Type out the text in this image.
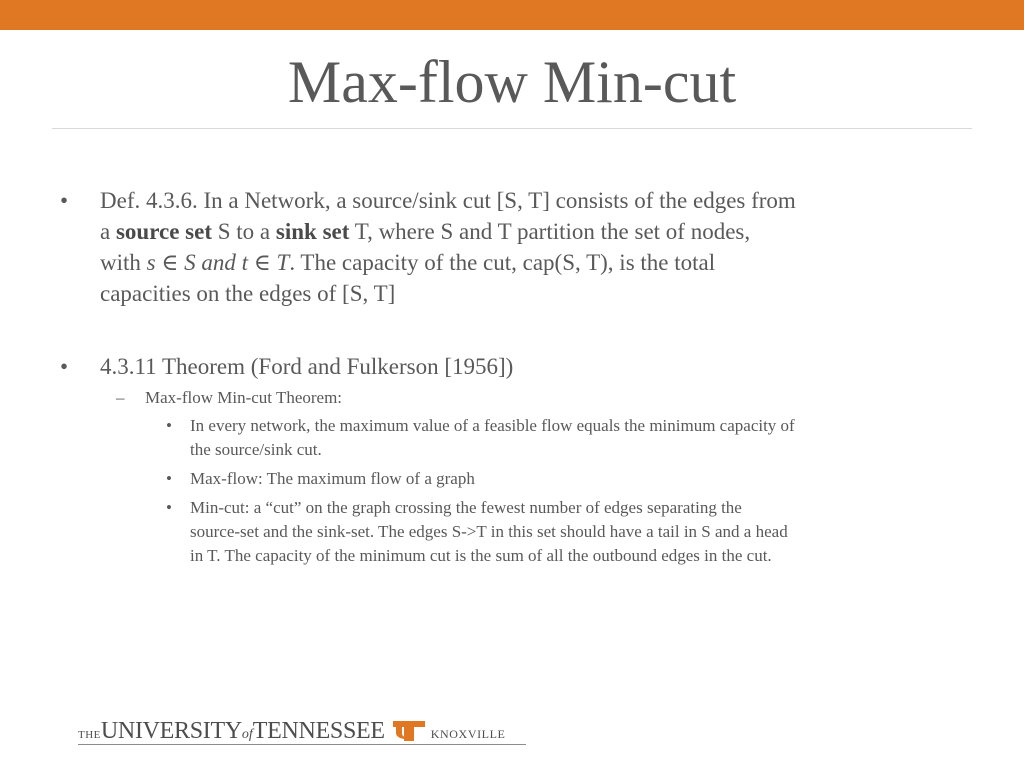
Max-flow Min-cut
• Def. 4.3.6. In a Network, a source/sink cut [S, T] consists of the edges from
a source set S to a sink set T, where S and T partition the set of nodes,
with s ∈ S and t ∈ T. The capacity of the cut, cap(S, T), is the total
capacities on the edges of [S, T]
• 4.3.11 Theorem (Ford and Fulkerson [1956])
– Max-flow Min-cut Theorem:
• In every network, the maximum value of a feasible flow equals the minimum capacity of
the source/sink cut.
• Max-flow: The maximum flow of a graph
• Min-cut: a “cut” on the graph crossing the fewest number of edges separating the
source-set and the sink-set. The edges S->T in this set should have a tail in S and a head
in T. The capacity of the minimum cut is the sum of all the outbound edges in the cut.
THEUNIVERSITYofTENNESSEE	KNOXVILLE
